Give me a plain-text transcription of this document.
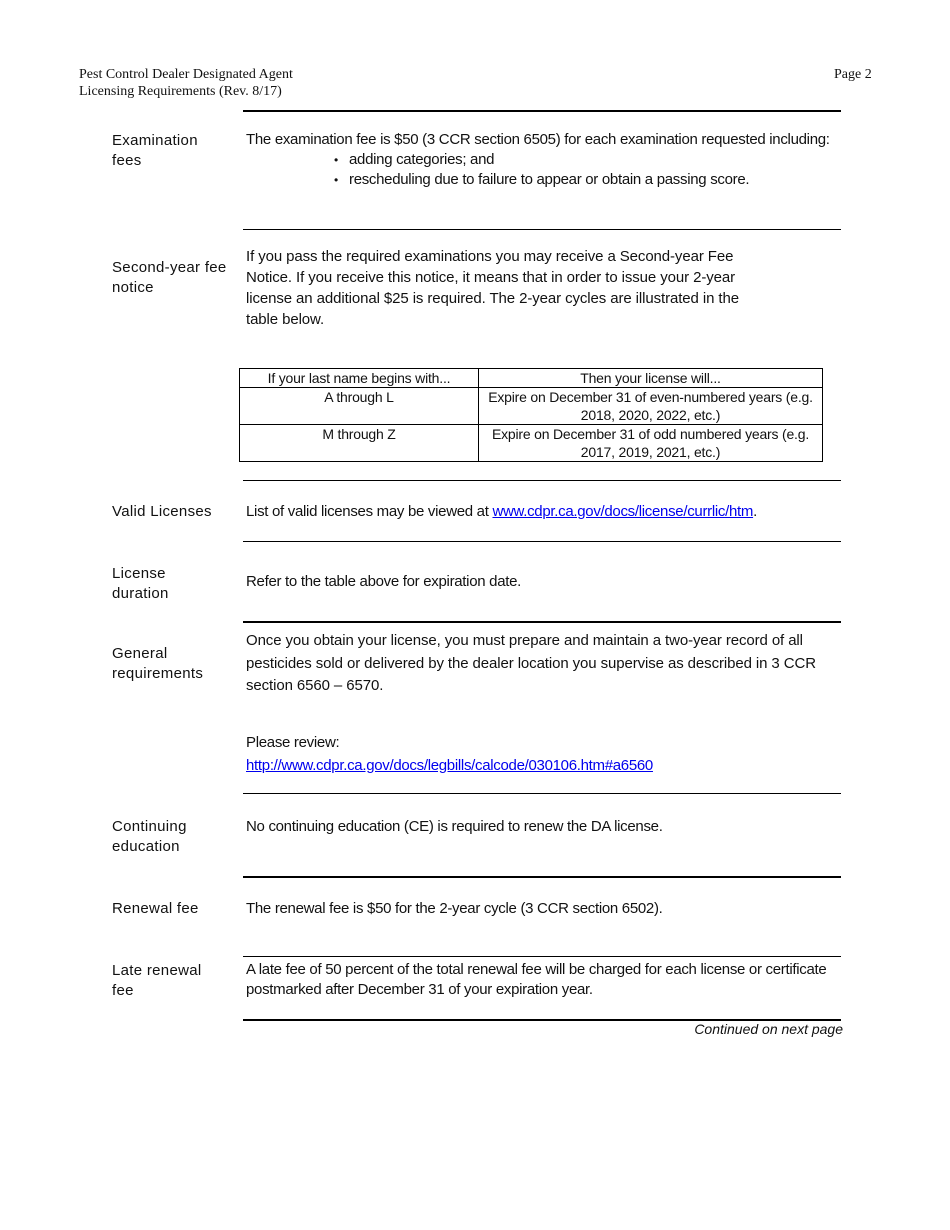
Pest Control Dealer Designated Agent
Licensing Requirements (Rev. 8/17)
Page 2
Examination fees
The examination fee is $50 (3 CCR section 6505) for each examination requested including:
• adding categories; and
• rescheduling due to failure to appear or obtain a passing score.
Second-year fee notice
If you pass the required examinations you may receive a Second-year Fee Notice. If you receive this notice, it means that in order to issue your 2-year license an additional $25 is required. The 2-year cycles are illustrated in the table below.
If your last name begins with...	Then your license will...
A through L	Expire on December 31 of even-numbered years (e.g. 2018, 2020, 2022, etc.)
M through Z	Expire on December 31 of odd numbered years (e.g. 2017, 2019, 2021, etc.)
Valid Licenses	List of valid licenses may be viewed at www.cdpr.ca.gov/docs/license/currlic/htm.
License duration
Refer to the table above for expiration date.
General requirements
Once you obtain your license, you must prepare and maintain a two-year record of all pesticides sold or delivered by the dealer location you supervise as described in 3 CCR section 6560 – 6570.
Please review:
http://www.cdpr.ca.gov/docs/legbills/calcode/030106.htm#a6560
Continuing education
No continuing education (CE) is required to renew the DA license.
Renewal fee	The renewal fee is $50 for the 2-year cycle (3 CCR section 6502).
Late renewal fee
A late fee of 50 percent of the total renewal fee will be charged for each license or certificate postmarked after December 31 of your expiration year.
Continued on next page
